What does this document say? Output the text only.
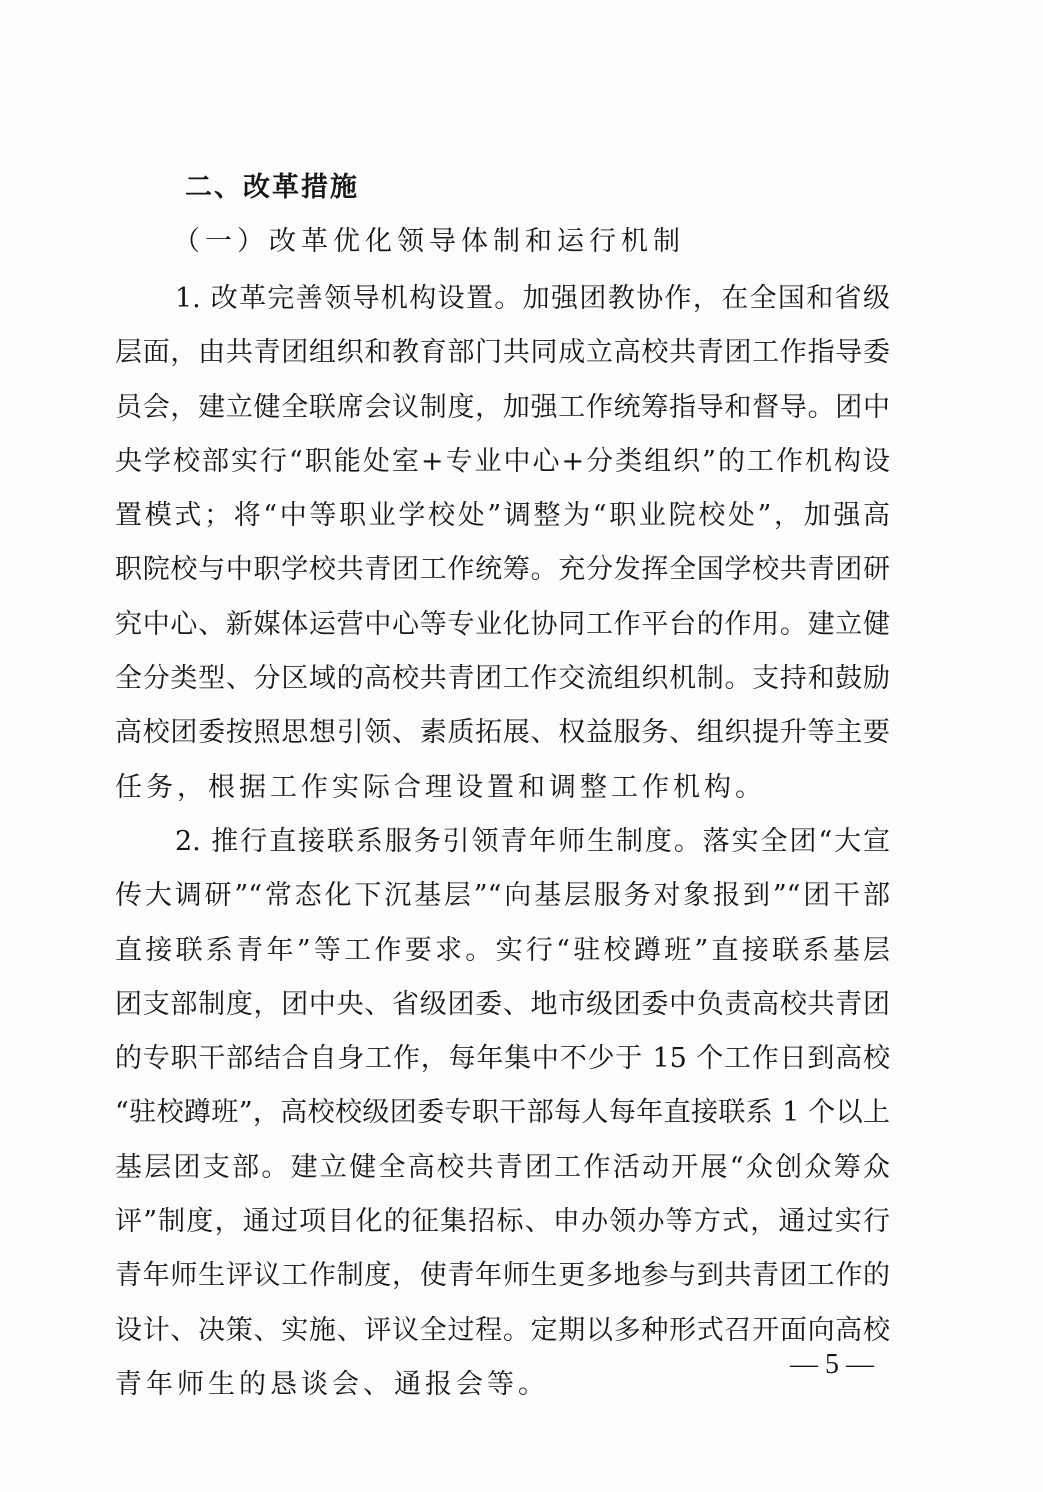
二、改革措施
（一）改革优化领导体制和运行机制
1. 改革完善领导机构设置。加强团教协作，在全国和省级
层面，由共青团组织和教育部门共同成立高校共青团工作指导委
员会，建立健全联席会议制度，加强工作统筹指导和督导。团中
央学校部实行“职能处室+专业中心+分类组织”的工作机构设
置模式；将“中等职业学校处”调整为“职业院校处”，加强高
职院校与中职学校共青团工作统筹。充分发挥全国学校共青团研
究中心、新媒体运营中心等专业化协同工作平台的作用。建立健
全分类型、分区域的高校共青团工作交流组织机制。支持和鼓励
高校团委按照思想引领、素质拓展、权益服务、组织提升等主要
任务，根据工作实际合理设置和调整工作机构。
2. 推行直接联系服务引领青年师生制度。落实全团“大宣
传大调研”“常态化下沉基层”“向基层服务对象报到”“团干部
直接联系青年”等工作要求。实行“驻校蹲班”直接联系基层
团支部制度，团中央、省级团委、地市级团委中负责高校共青团
的专职干部结合自身工作，每年集中不少于 15 个工作日到高校
“驻校蹲班”，高校校级团委专职干部每人每年直接联系 1 个以上
基层团支部。建立健全高校共青团工作活动开展“众创众筹众
评”制度，通过项目化的征集招标、申办领办等方式，通过实行
青年师生评议工作制度，使青年师生更多地参与到共青团工作的
设计、决策、实施、评议全过程。定期以多种形式召开面向高校
青年师生的恳谈会、通报会等。
— 5 —
